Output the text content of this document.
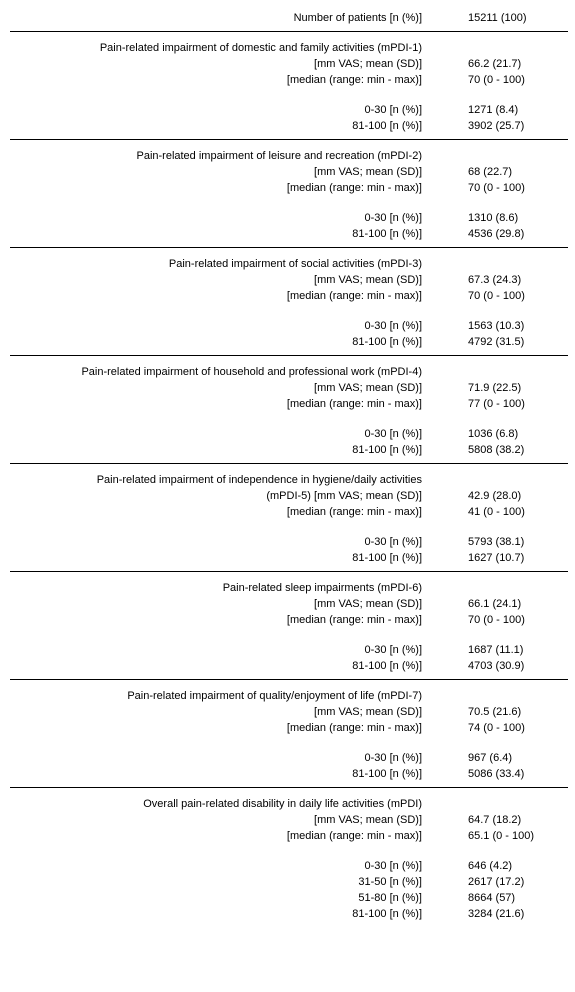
Number of patients [n (%)]	15211 (100)
Pain-related impairment of domestic and family activities (mPDI-1)
[mm VAS; mean (SD)]	66.2 (21.7)
[median (range: min - max)]	70 (0 - 100)
0-30 [n (%)]	1271 (8.4)
81-100 [n (%)]	3902 (25.7)
Pain-related impairment of leisure and recreation (mPDI-2)
[mm VAS; mean (SD)]	68 (22.7)
[median (range: min - max)]	70 (0 - 100)
0-30 [n (%)]	1310 (8.6)
81-100 [n (%)]	4536 (29.8)
Pain-related impairment of social activities (mPDI-3)
[mm VAS; mean (SD)]	67.3 (24.3)
[median (range: min - max)]	70 (0 - 100)
0-30 [n (%)]	1563 (10.3)
81-100 [n (%)]	4792 (31.5)
Pain-related impairment of household and professional work (mPDI-4)
[mm VAS; mean (SD)]	71.9 (22.5)
[median (range: min - max)]	77 (0 - 100)
0-30 [n (%)]	1036 (6.8)
81-100 [n (%)]	5808 (38.2)
Pain-related impairment of independence in hygiene/daily activities
(mPDI-5) [mm VAS; mean (SD)]	42.9 (28.0)
[median (range: min - max)]	41 (0 - 100)
0-30 [n (%)]	5793 (38.1)
81-100 [n (%)]	1627 (10.7)
Pain-related sleep impairments (mPDI-6)
[mm VAS; mean (SD)]	66.1 (24.1)
[median (range: min - max)]	70 (0 - 100)
0-30 [n (%)]	1687 (11.1)
81-100 [n (%)]	4703 (30.9)
Pain-related impairment of quality/enjoyment of life (mPDI-7)
[mm VAS; mean (SD)]	70.5 (21.6)
[median (range: min - max)]	74 (0 - 100)
0-30 [n (%)]	967 (6.4)
81-100 [n (%)]	5086 (33.4)
Overall pain-related disability in daily life activities (mPDI)
[mm VAS; mean (SD)]	64.7 (18.2)
[median (range: min - max)]	65.1 (0 - 100)
0-30 [n (%)]	646 (4.2)
31-50 [n (%)]	2617 (17.2)
51-80 [n (%)]	8664 (57)
81-100 [n (%)]	3284 (21.6)
